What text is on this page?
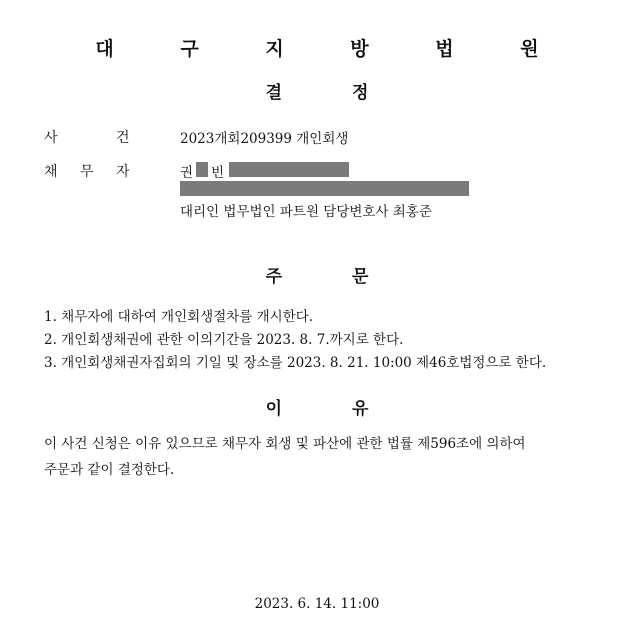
대 구 지 방 법 원
결	정
사	건	2023개회209399 개인회생
채 무 자	권 빈
대리인 법무법인 파트원 담당변호사 최홍준
주	문
1. 채무자에 대하여 개인회생절차를 개시한다.
2. 개인회생채권에 관한 이의기간을 2023. 8. 7.까지로 한다.
3. 개인회생채권자집회의 기일 및 장소를 2023. 8. 21. 10:00 제46호법정으로 한다.
이	유
이 사건 신청은 이유 있으므로 채무자 회생 및 파산에 관한 법률 제596조에 의하여
주문과 같이 결정한다.
2023. 6. 14. 11:00
